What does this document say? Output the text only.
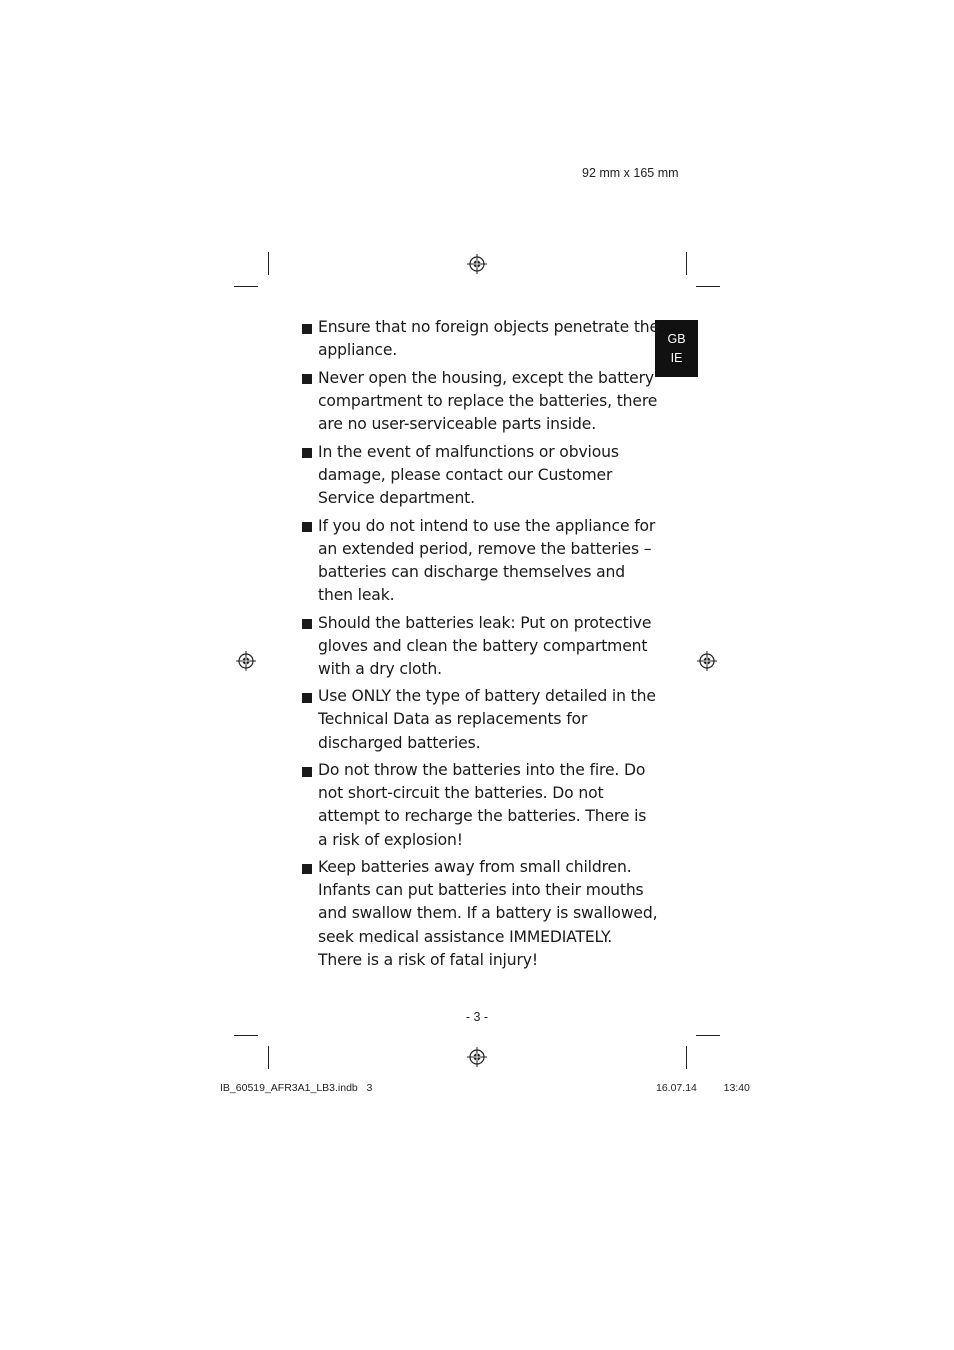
92 mm x 165 mm
GB
IE
Ensure that no foreign objects penetrate the appliance.
Never open the housing, except the battery compartment to replace the batteries, there are no user-serviceable parts inside.
In the event of malfunctions or obvious damage, please contact our Customer Service department.
If you do not intend to use the appliance for an extended period, remove the batteries – batteries can discharge themselves and then leak.
Should the batteries leak: Put on protective gloves and clean the battery compartment with a dry cloth.
Use ONLY the type of battery detailed in the Technical Data as replacements for discharged batteries.
Do not throw the batteries into the fire. Do not short-circuit the batteries. Do not attempt to recharge the batteries. There is a risk of explosion!
Keep batteries away from small children. Infants can put batteries into their mouths and swallow them. If a battery is swallowed, seek medical assistance IMMEDIATELY. There is a risk of fatal injury!
- 3 -
IB_60519_AFR3A1_LB3.indb   3	16.07.14   13:40
